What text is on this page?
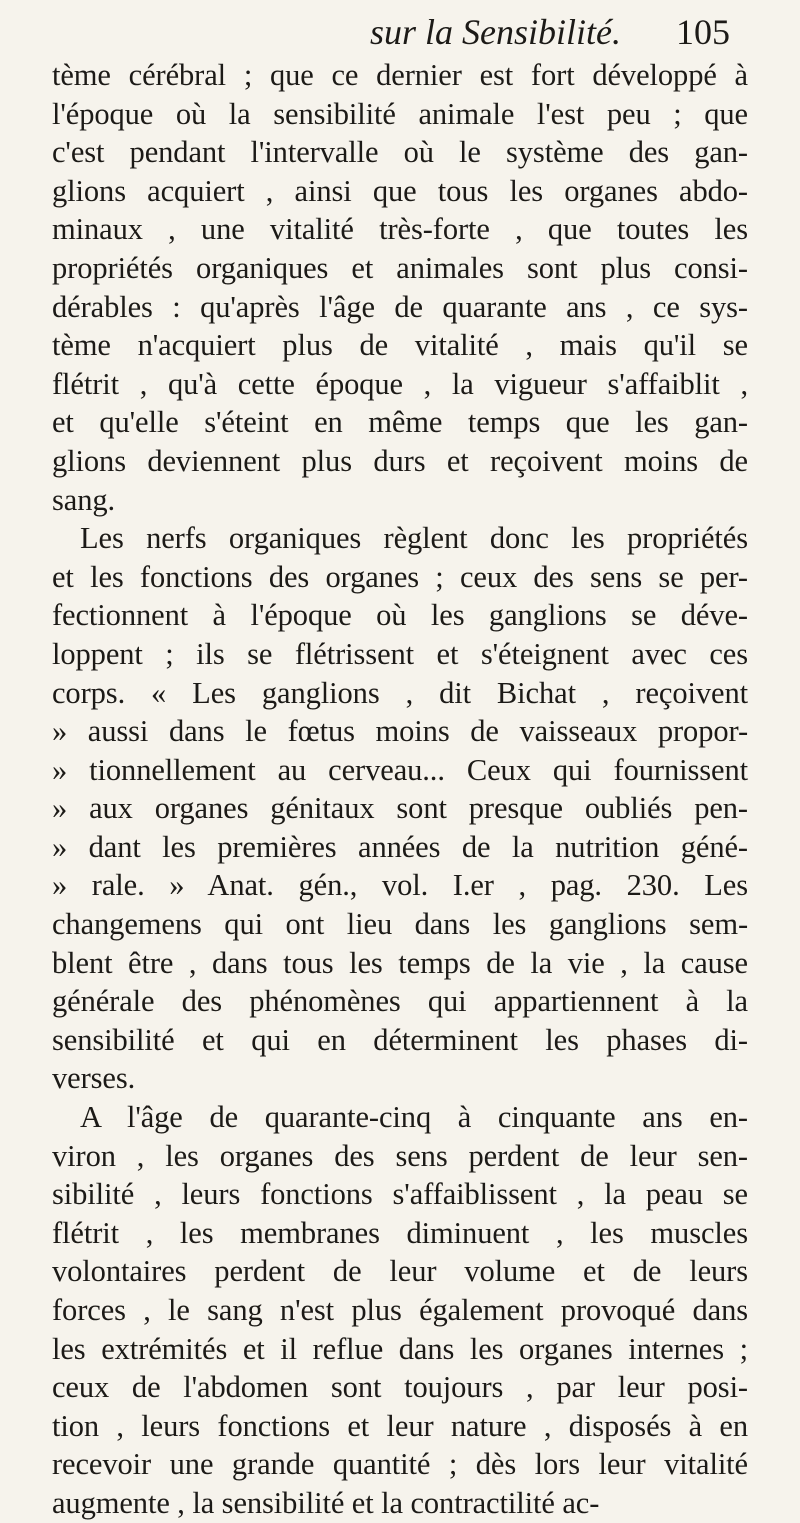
sur la Sensibilité. 105
tème cérébral ; que ce dernier est fort développé à
l'époque où la sensibilité animale l'est peu ; que
c'est pendant l'intervalle où le système des gan-
glions acquiert , ainsi que tous les organes abdo-
minaux , une vitalité très-forte , que toutes les
propriétés organiques et animales sont plus consi-
dérables : qu'après l'âge de quarante ans , ce sys-
tème n'acquiert plus de vitalité , mais qu'il se
flétrit , qu'à cette époque , la vigueur s'affaiblit ,
et qu'elle s'éteint en même temps que les gan-
glions deviennent plus durs et reçoivent moins de
sang.
Les nerfs organiques règlent donc les propriétés
et les fonctions des organes ; ceux des sens se per-
fectionnent à l'époque où les ganglions se déve-
loppent ; ils se flétrissent et s'éteignent avec ces
corps. « Les ganglions , dit Bichat , reçoivent
» aussi dans le fœtus moins de vaisseaux propor-
» tionnellement au cerveau... Ceux qui fournissent
» aux organes génitaux sont presque oubliés pen-
» dant les premières années de la nutrition géné-
» rale. » Anat. gén., vol. I.er , pag. 230. Les
changemens qui ont lieu dans les ganglions sem-
blent être , dans tous les temps de la vie , la cause
générale des phénomènes qui appartiennent à la
sensibilité et qui en déterminent les phases di-
verses.
A l'âge de quarante-cinq à cinquante ans en-
viron , les organes des sens perdent de leur sen-
sibilité , leurs fonctions s'affaiblissent , la peau se
flétrit , les membranes diminuent , les muscles
volontaires perdent de leur volume et de leurs
forces , le sang n'est plus également provoqué dans
les extrémités et il reflue dans les organes internes ;
ceux de l'abdomen sont toujours , par leur posi-
tion , leurs fonctions et leur nature , disposés à en
recevoir une grande quantité ; dès lors leur vitalité
augmente , la sensibilité et la contractilité ac-
